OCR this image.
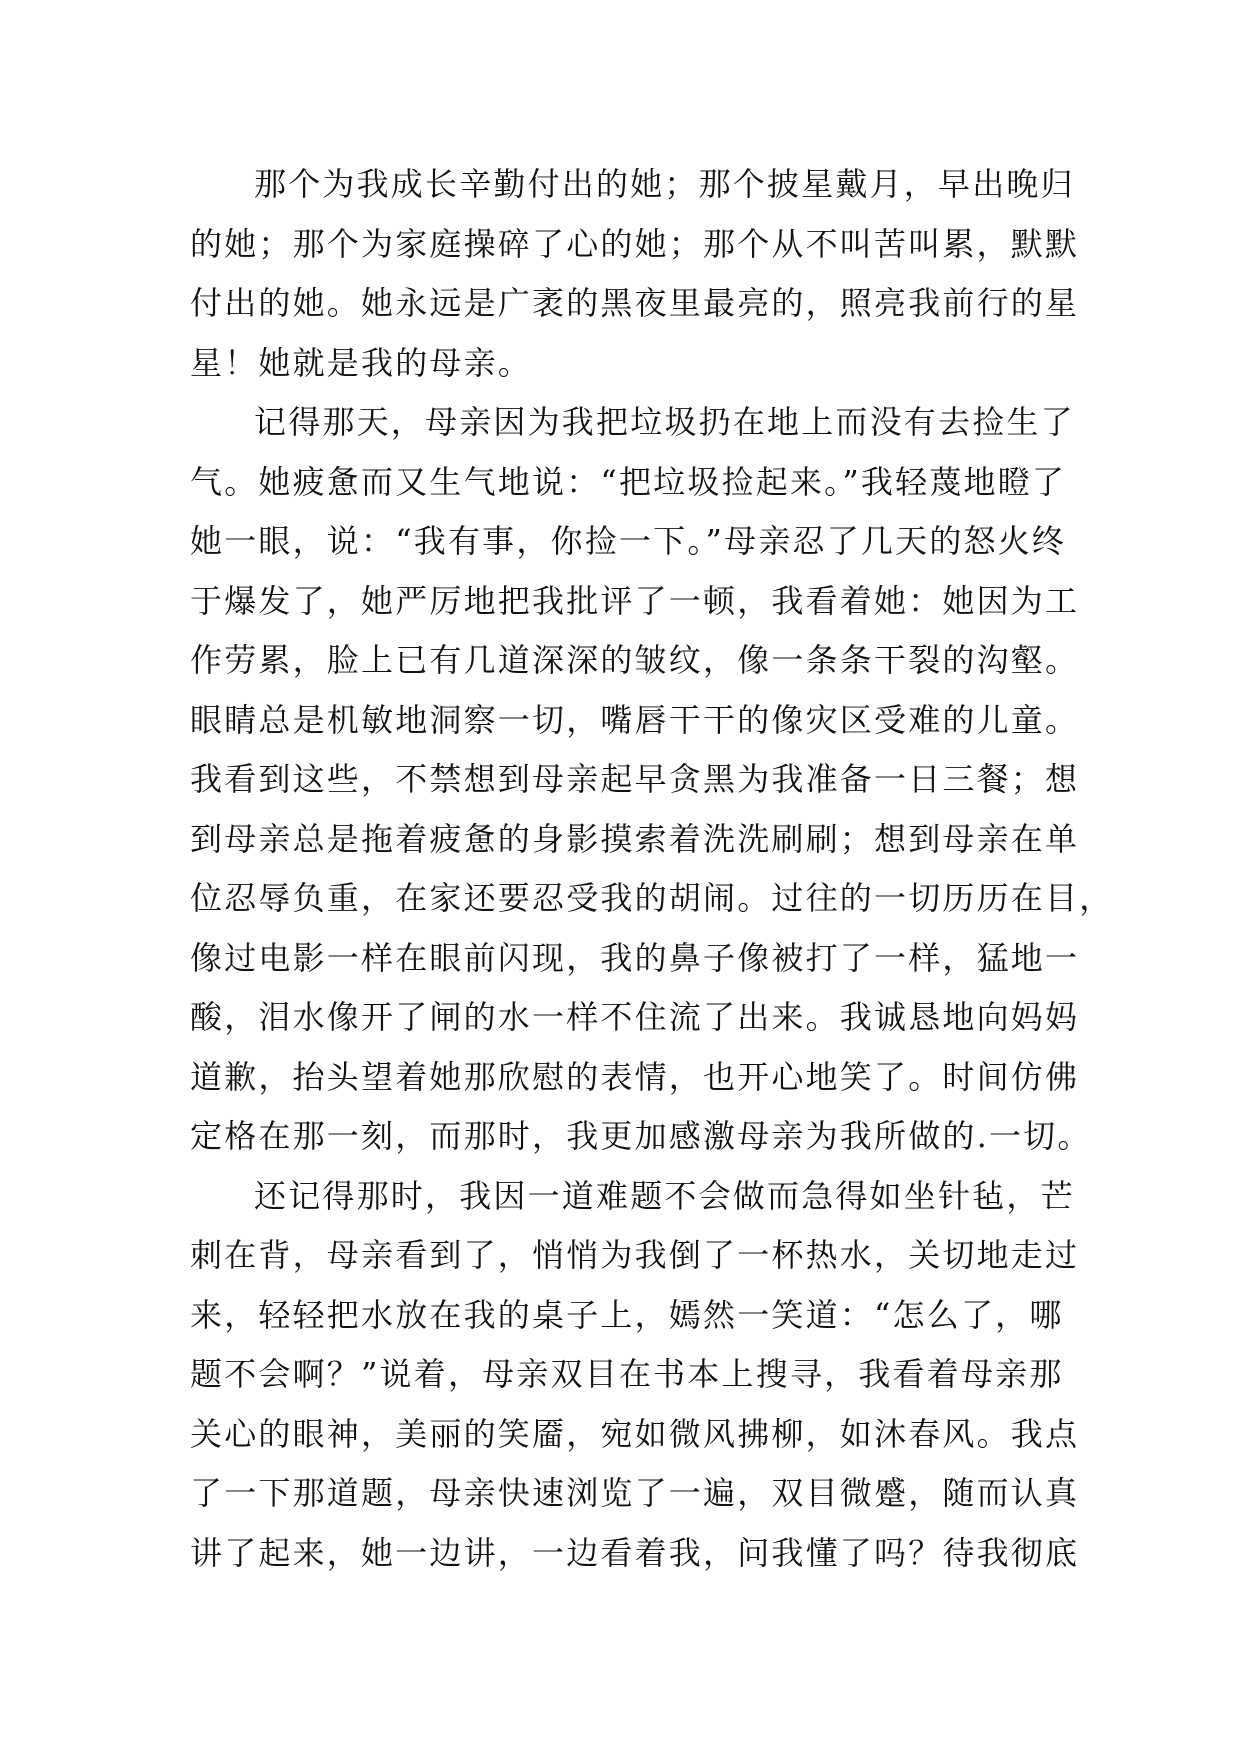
那个为我成长辛勤付出的她；那个披星戴月，早出晚归
的她；那个为家庭操碎了心的她；那个从不叫苦叫累，默默
付出的她。她永远是广袤的黑夜里最亮的，照亮我前行的星
星！她就是我的母亲。
记得那天，母亲因为我把垃圾扔在地上而没有去捡生了
气。她疲惫而又生气地说：“把垃圾捡起来。”我轻蔑地瞪了
她一眼，说：“我有事，你捡一下。”母亲忍了几天的怒火终
于爆发了，她严厉地把我批评了一顿，我看着她：她因为工
作劳累，脸上已有几道深深的皱纹，像一条条干裂的沟壑。
眼睛总是机敏地洞察一切，嘴唇干干的像灾区受难的儿童。
我看到这些，不禁想到母亲起早贪黑为我准备一日三餐；想
到母亲总是拖着疲惫的身影摸索着洗洗刷刷；想到母亲在单
位忍辱负重，在家还要忍受我的胡闹。过往的一切历历在目，
像过电影一样在眼前闪现，我的鼻子像被打了一样，猛地一
酸，泪水像开了闸的水一样不住流了出来。我诚恳地向妈妈
道歉，抬头望着她那欣慰的表情，也开心地笑了。时间仿佛
定格在那一刻，而那时，我更加感激母亲为我所做的.一切。
还记得那时，我因一道难题不会做而急得如坐针毡，芒
刺在背，母亲看到了，悄悄为我倒了一杯热水，关切地走过
来，轻轻把水放在我的桌子上，嫣然一笑道：“怎么了，哪
题不会啊？”说着，母亲双目在书本上搜寻，我看着母亲那
关心的眼神，美丽的笑靥，宛如微风拂柳，如沐春风。我点
了一下那道题，母亲快速浏览了一遍，双目微蹙，随而认真
讲了起来，她一边讲，一边看着我，问我懂了吗？待我彻底
